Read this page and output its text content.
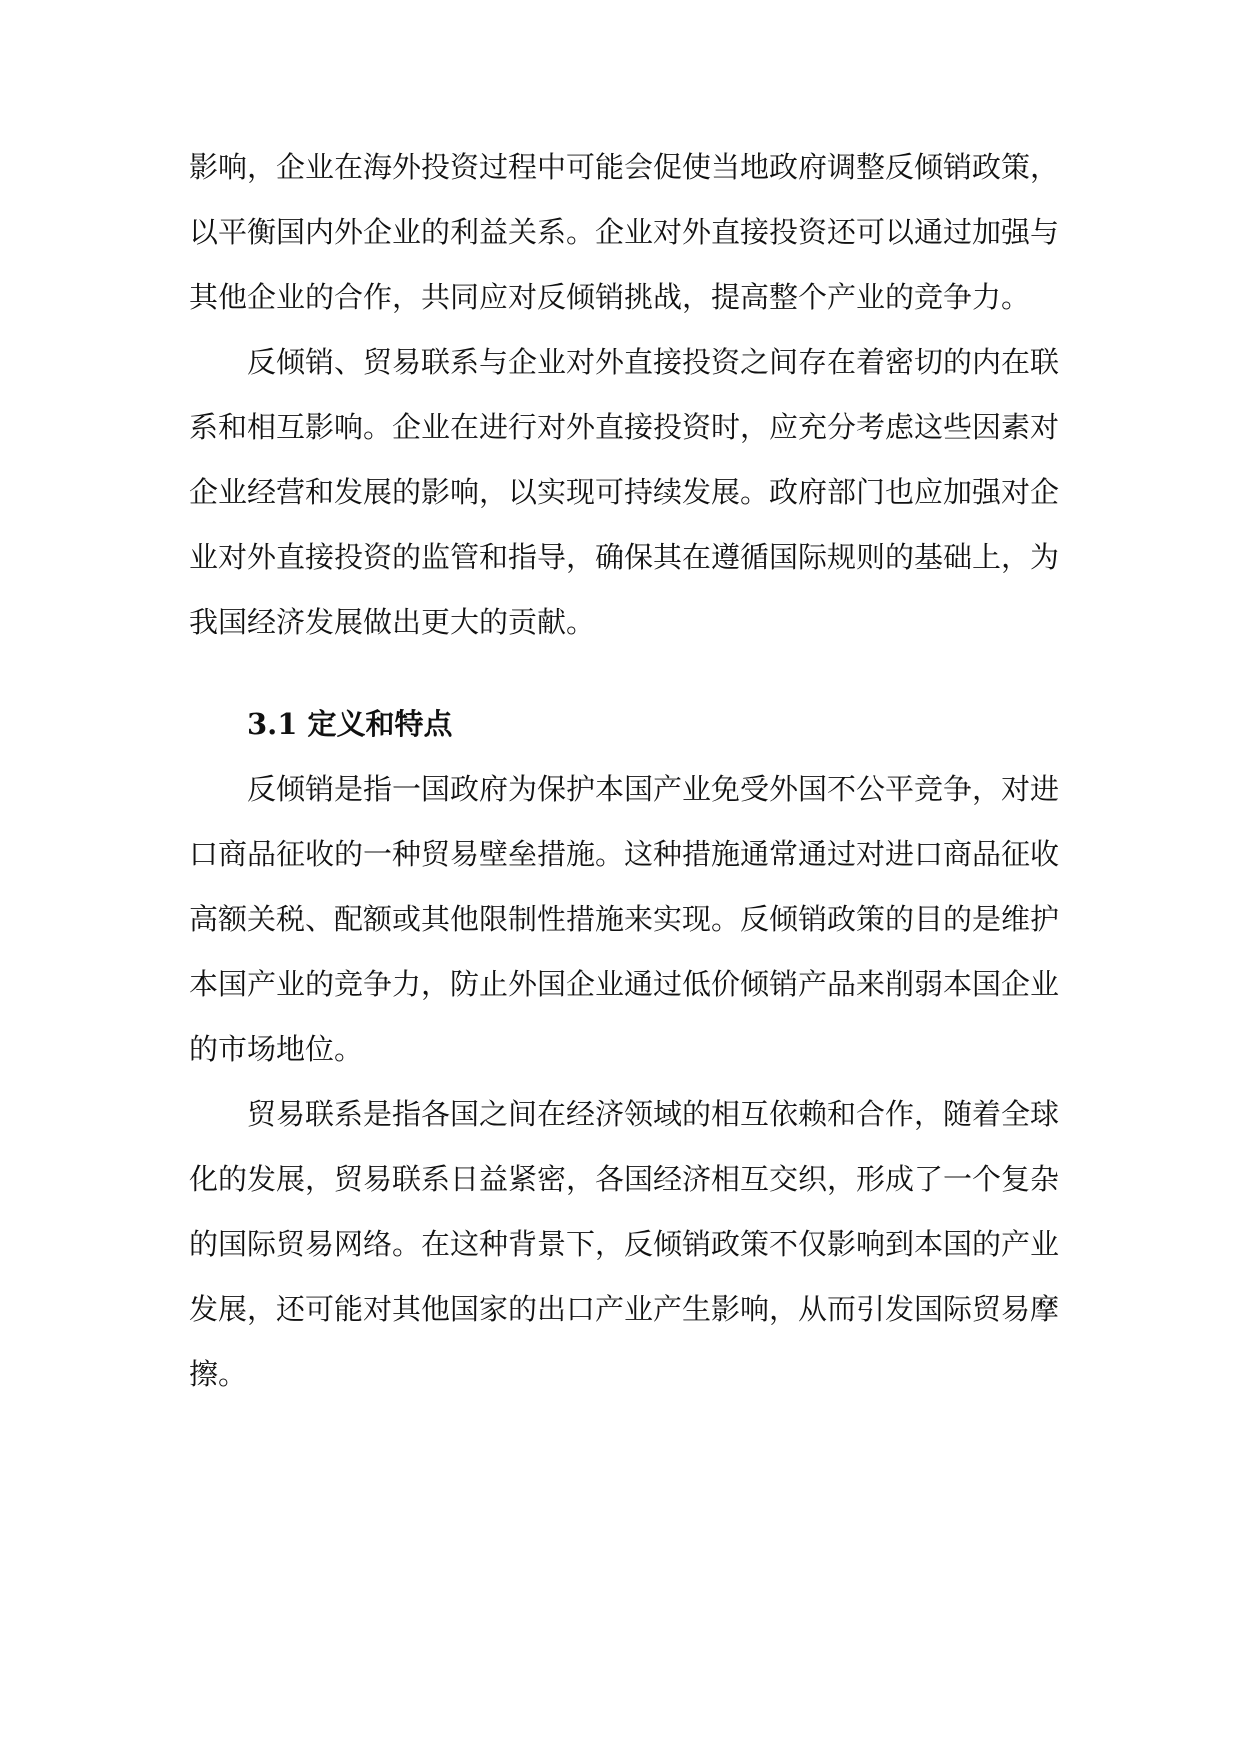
影响，企业在海外投资过程中可能会促使当地政府调整反倾销政策，
以平衡国内外企业的利益关系。企业对外直接投资还可以通过加强与
其他企业的合作，共同应对反倾销挑战，提高整个产业的竞争力。
反倾销、贸易联系与企业对外直接投资之间存在着密切的内在联
系和相互影响。企业在进行对外直接投资时，应充分考虑这些因素对
企业经营和发展的影响，以实现可持续发展。政府部门也应加强对企
业对外直接投资的监管和指导，确保其在遵循国际规则的基础上，为
我国经济发展做出更大的贡献。
3.1 定义和特点
反倾销是指一国政府为保护本国产业免受外国不公平竞争，对进
口商品征收的一种贸易壁垒措施。这种措施通常通过对进口商品征收
高额关税、配额或其他限制性措施来实现。反倾销政策的目的是维护
本国产业的竞争力，防止外国企业通过低价倾销产品来削弱本国企业
的市场地位。
贸易联系是指各国之间在经济领域的相互依赖和合作，随着全球
化的发展，贸易联系日益紧密，各国经济相互交织，形成了一个复杂
的国际贸易网络。在这种背景下，反倾销政策不仅影响到本国的产业
发展，还可能对其他国家的出口产业产生影响，从而引发国际贸易摩
擦。
